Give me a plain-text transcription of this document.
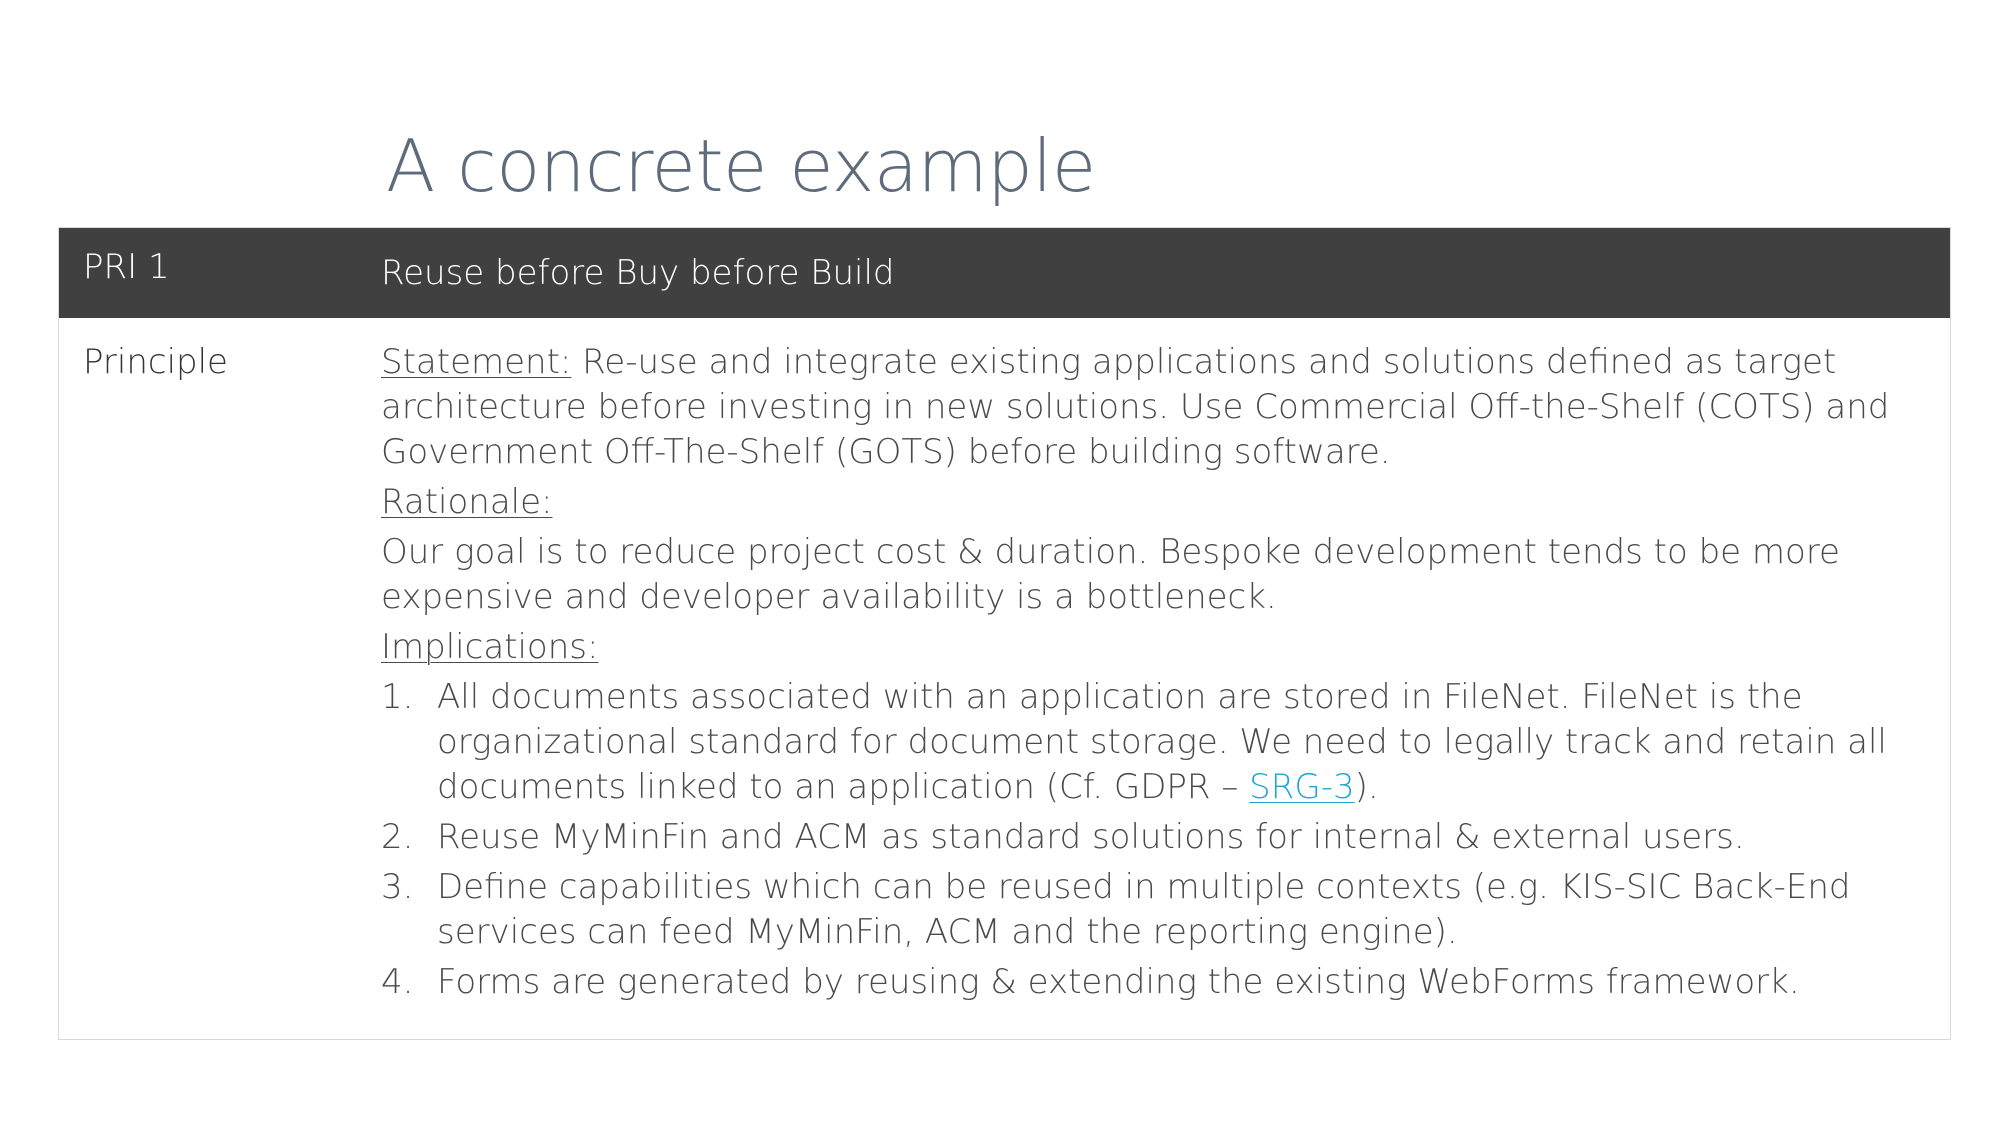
A concrete example
PRI 1	Reuse before Buy before Build
Principle	Statement: Re-use and integrate existing applications and solutions defined as target architecture before investing in new solutions. Use Commercial Off-the-Shelf (COTS) and Government Off-The-Shelf (GOTS) before building software.

Rationale:

Our goal is to reduce project cost & duration. Bespoke development tends to be more expensive and developer availability is a bottleneck.

Implications:

1. All documents associated with an application are stored in FileNet. FileNet is the organizational standard for document storage. We need to legally track and retain all documents linked to an application (Cf. GDPR – SRG-3).
2. Reuse MyMinFin and ACM as standard solutions for internal & external users.
3. Define capabilities which can be reused in multiple contexts (e.g. KIS-SIC Back-End services can feed MyMinFin, ACM and the reporting engine).
4. Forms are generated by reusing & extending the existing WebForms framework.
